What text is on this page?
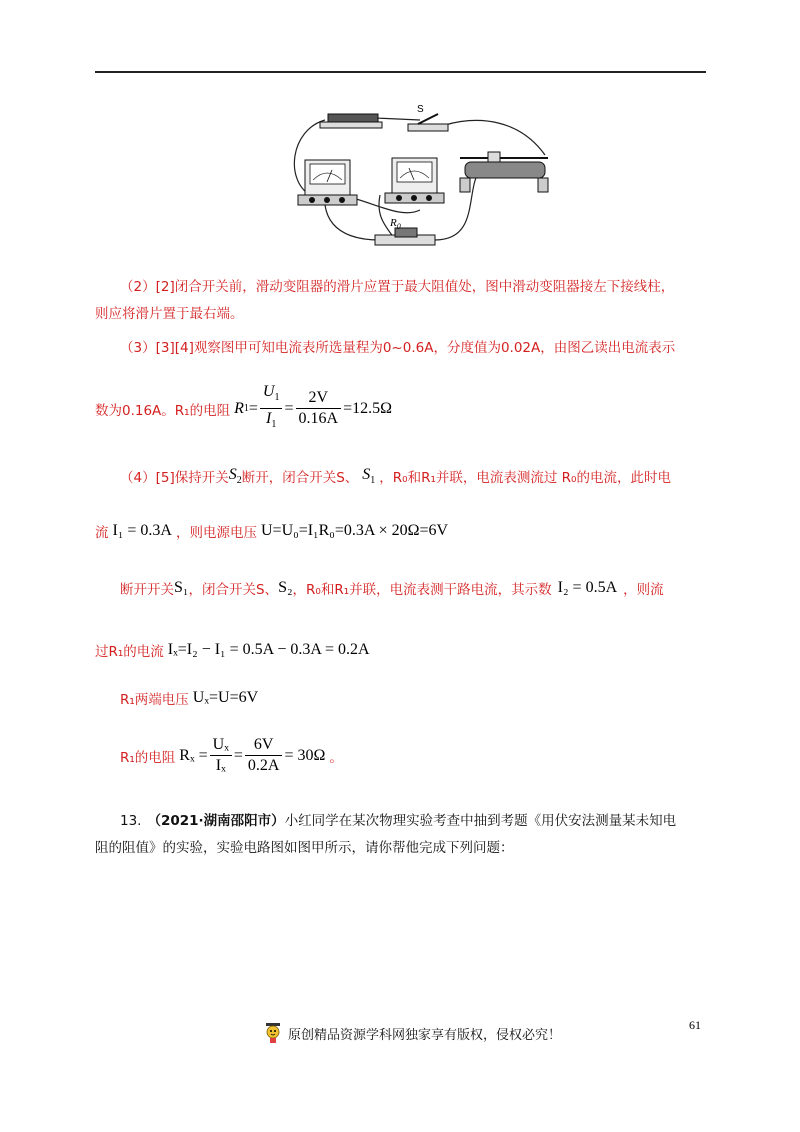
S
$R_0$
（2）[2]闭合开关前，滑动变阻器的滑片应置于最大阻值处，图中滑动变阻器接左下接线柱，
则应将滑片置于最右端。
（3）[3][4]观察图甲可知电流表所选量程为0~0.6A，分度值为0.02A，由图乙读出电流表示
数为0.16A。R₁的电阻 R $1 = \frac{U_1}{I_1} = \frac{2V}{0.16A} =12.5\Omega$
（4）[5]保持开关 $S_2$ 断开，闭合开关S、 $S_1$ ，R₀和R₁并联，电流表测流过 R₀的电流，此时电
流 I₁ = 0.3A ，则电源电压 U=U₀=I₁R₀=0.3A × 20Ω=6V
断开开关 S₁ ，闭合开关S、 S₂ ，R₀和R₁并联，电流表测干路电流，其示数 I₂ = 0.5A ，则流
过R₁的电流 Iₓ=I₂ − I₁ = 0.5A − 0.3A = 0.2A
R₁两端电压 Uₓ=U=6V
R₁的电阻 $R_x = \frac{\text{Uₓ}}{\text{Iₓ}} = \frac{6V}{0.2A} = 30\Omega$ 。
13. （2021·湖南邵阳市）小红同学在某次物理实验考查中抽到考题《用伏安法测量某未知电
阻的阻值》的实验，实验电路图如图甲所示，请你帮他完成下列问题：
61
原创精品资源学科网独家享有版权，侵权必究！
